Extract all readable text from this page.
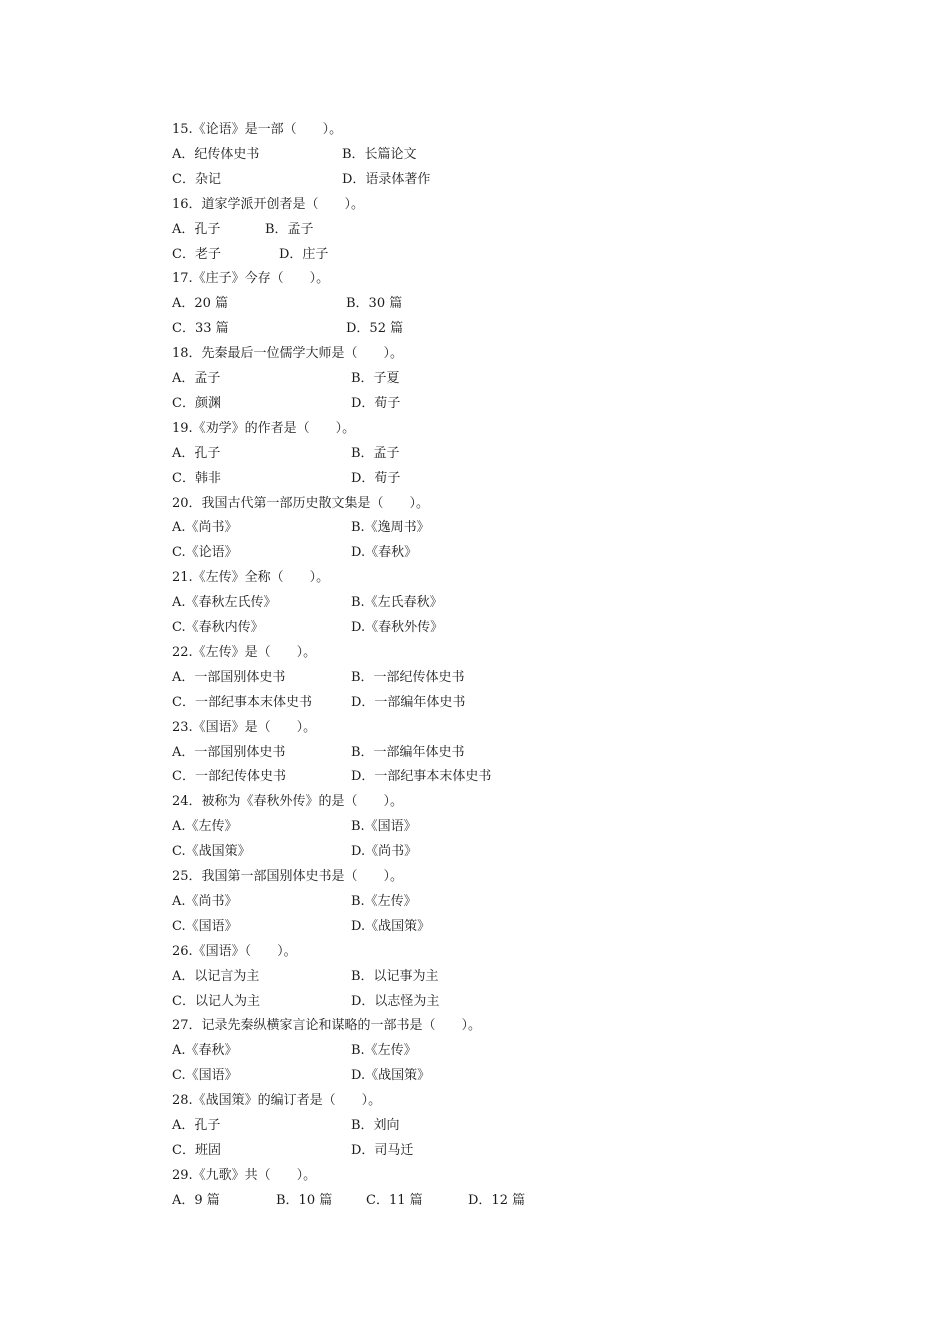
15.《论语》是一部（　　）。
A．纪传体史书	B．长篇论文
C．杂记	D．语录体著作
16．道家学派开创者是（　　）。
A．孔子	B．孟子
C．老子	D．庄子
17.《庄子》今存（　　）。
A．20 篇	B．30 篇
C．33 篇	D．52 篇
18．先秦最后一位儒学大师是（　　）。
A．孟子	B．子夏
C．颜渊	D．荀子
19.《劝学》的作者是（　　）。
A．孔子	B．孟子
C．韩非	D．荀子
20．我国古代第一部历史散文集是（　　）。
A.《尚书》	B.《逸周书》
C.《论语》	D.《春秋》
21.《左传》全称（　　）。
A.《春秋左氏传》	B.《左氏春秋》
C.《春秋内传》	D.《春秋外传》
22.《左传》是（　　）。
A．一部国别体史书	B．一部纪传体史书
C．一部纪事本末体史书	D．一部编年体史书
23.《国语》是（　　）。
A．一部国别体史书	B．一部编年体史书
C．一部纪传体史书	D．一部纪事本末体史书
24．被称为《春秋外传》的是（　　）。
A.《左传》	B.《国语》
C.《战国策》	D.《尚书》
25．我国第一部国别体史书是（　　）。
A.《尚书》	B.《左传》
C.《国语》	D.《战国策》
26.《国语》（　　）。
A．以记言为主	B．以记事为主
C．以记人为主	D．以志怪为主
27．记录先秦纵横家言论和谋略的一部书是（　　）。
A.《春秋》	B.《左传》
C.《国语》	D.《战国策》
28.《战国策》的编订者是（　　）。
A．孔子	B．刘向
C．班固	D．司马迁
29.《九歌》共（　　）。
A．9 篇	B．10 篇	C．11 篇	D．12 篇
